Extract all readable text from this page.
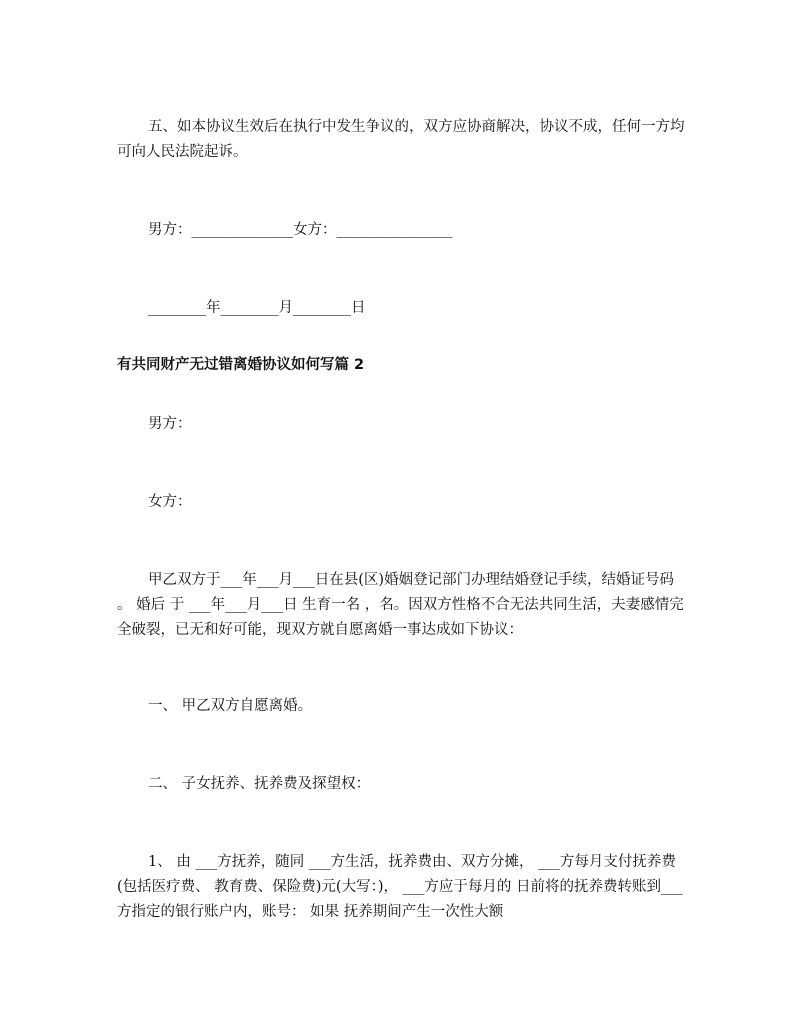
五、如本协议生效后在执行中发生争议的，双方应协商解决，协议不成，任何一方均可向人民法院起诉。

男方：______________女方：________________

________年________月________日

有共同财产无过错离婚协议如何写篇 2

男方：

女方：

甲乙双方于___年___月___日在县(区)婚姻登记部门办理结婚登记手续，结婚证号码 。 婚后 于 ___年___月___日 生育一名 ，名。因双方性格不合无法共同生活，夫妻感情完全破裂，已无和好可能，现双方就自愿离婚一事达成如下协议：

一、 甲乙双方自愿离婚。

二、 子女抚养、抚养费及探望权：

1、 由 ___方抚养，随同 ___方生活，抚养费由、双方分摊， ___方每月支付抚养费(包括医疗费、 教育费、保险费)元(大写：)， ___方应于每月的 日前将的抚养费转账到___方指定的银行账户内，账号： 如果 抚养期间产生一次性大额
